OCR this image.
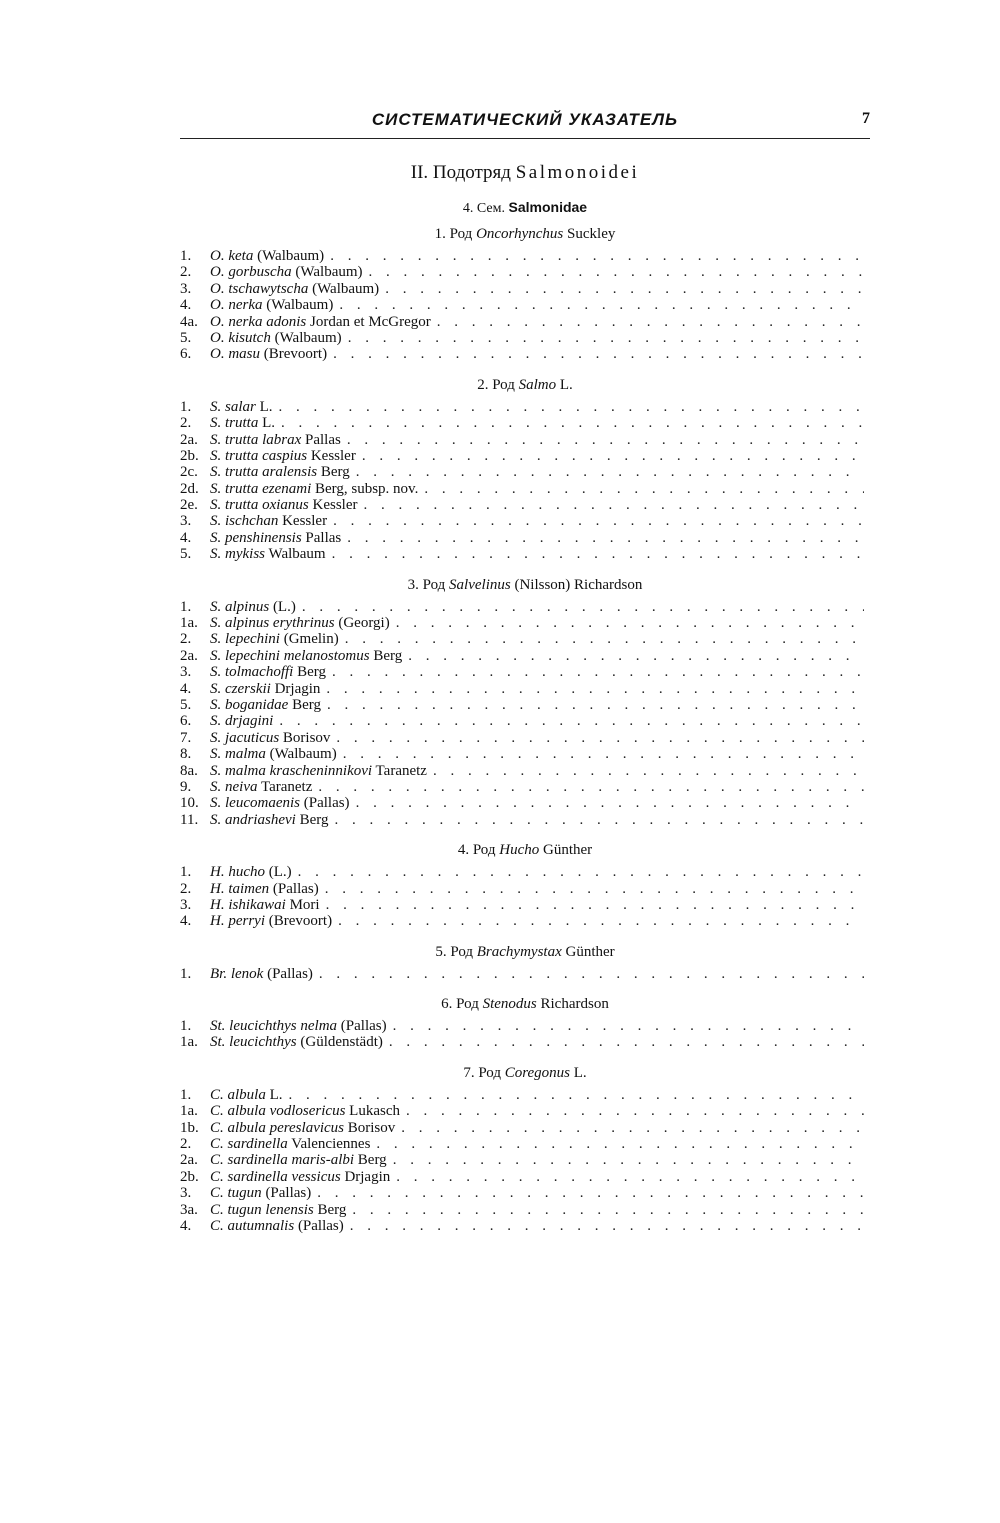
СИСТЕМАТИЧЕСКИЙ УКАЗАТЕЛЬ	7
II. Подотряд Salmonoidei
4. Сем. Salmonidae
1. Род Oncorhynchus Suckley
1.	O. keta (Walbaum)
. . .
2.	O. gorbuscha (Walbaum)
. . .
3.	O. tschawytscha (Walbaum)
. . .
4.	O. nerka (Walbaum)
. . .
4a. O. nerka adonis Jordan et McGregor
. . .
5.	O. kisutch (Walbaum)
. . .
6.	O. masu (Brevoort)
. . .
2. Род Salmo L.
1.	S. salar L.
. . .
2.	S. trutta L.
. . .
2a. S. trutta labrax Pallas
. . .
2b. S. trutta caspius Kessler
. . .
2c. S. trutta aralensis Berg
. . .
2d. S. trutta ezenami Berg, subsp. nov.
. . .
2e. S. trutta oxianus Kessler
. . .
3.	S. ischchan Kessler
. . .
4.	S. penshinensis Pallas
. . .
5.	S. mykiss Walbaum
. . .
3. Род Salvelinus (Nilsson) Richardson
1.	S. alpinus (L.)
. . .
1a. S. alpinus erythrinus (Georgi)
. . .
2.	S. lepechini (Gmelin)
. . .
2a. S. lepechini melanostomus Berg
. . .
3.	S. tolmachoffi Berg
. . .
4.	S. czerskii Drjagin
. . .
5.	S. boganidae Berg
. . .
6.	S. drjagini
. . .
7.	S. jacuticus Borisov
. . .
8.	S. malma (Walbaum)
. . .
8a. S. malma krascheninnikovi Taranetz
. . .
9.	S. neiva Taranetz
. . .
10. S. leucomaenis (Pallas)
. . .
11. S. andriashevi Berg
. . .
4. Род Hucho Günther
1.	H. hucho (L.)
. . .
2.	H. taimen (Pallas)
. . .
3.	H. ishikawai Mori
. . .
4.	H. perryi (Brevoort)
. . .
5. Род Brachymystax Günther
1.	Br. lenok (Pallas)
. . .
6. Род Stenodus Richardson
1.	St. leucichthys nelma (Pallas)
. . .
1a. St. leucichthys (Güldenstädt)
. . .
7. Род Coregonus L.
1.	C. albula L.
. . .
1a. C. albula vodlosericus Lukasch
. . .
1b. C. albula pereslavicus Borisov
. . .
2.	C. sardinella Valenciennes
. . .
2a. C. sardinella maris-albi Berg
. . .
2b. C. sardinella vessicus Drjagin
. . .
3.	C. tugun (Pallas)
. . .
3a. C. tugun lenensis Berg
. . .
4.	C. autumnalis (Pallas)
. . .
